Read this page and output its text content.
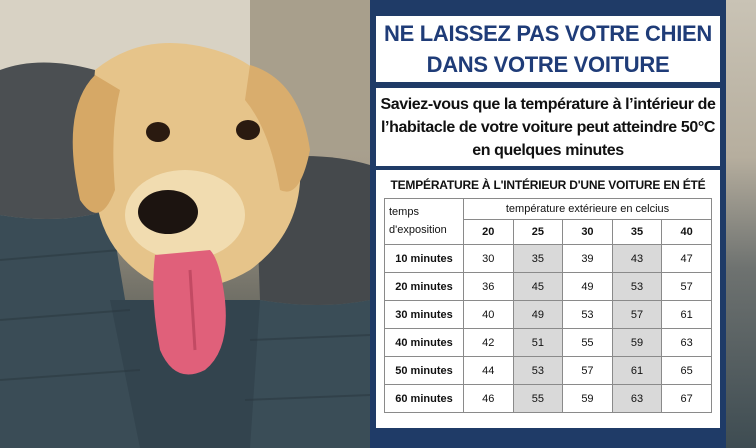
NE LAISSEZ PAS VOTRE CHIEN
DANS VOTRE VOITURE
Saviez-vous que la température à l’intérieur de l’habitacle de votre voiture peut atteindre 50°C en quelques minutes
TEMPÉRATURE À L'INTÉRIEUR D'UNE VOITURE EN ÉTÉ
temps d'exposition	température extérieure en celcius				
	20	25	30	35	40
10 minutes	30	35	39	43	47
20 minutes	36	45	49	53	57
30 minutes	40	49	53	57	61
40 minutes	42	51	55	59	63
50 minutes	44	53	57	61	65
60 minutes	46	55	59	63	67
